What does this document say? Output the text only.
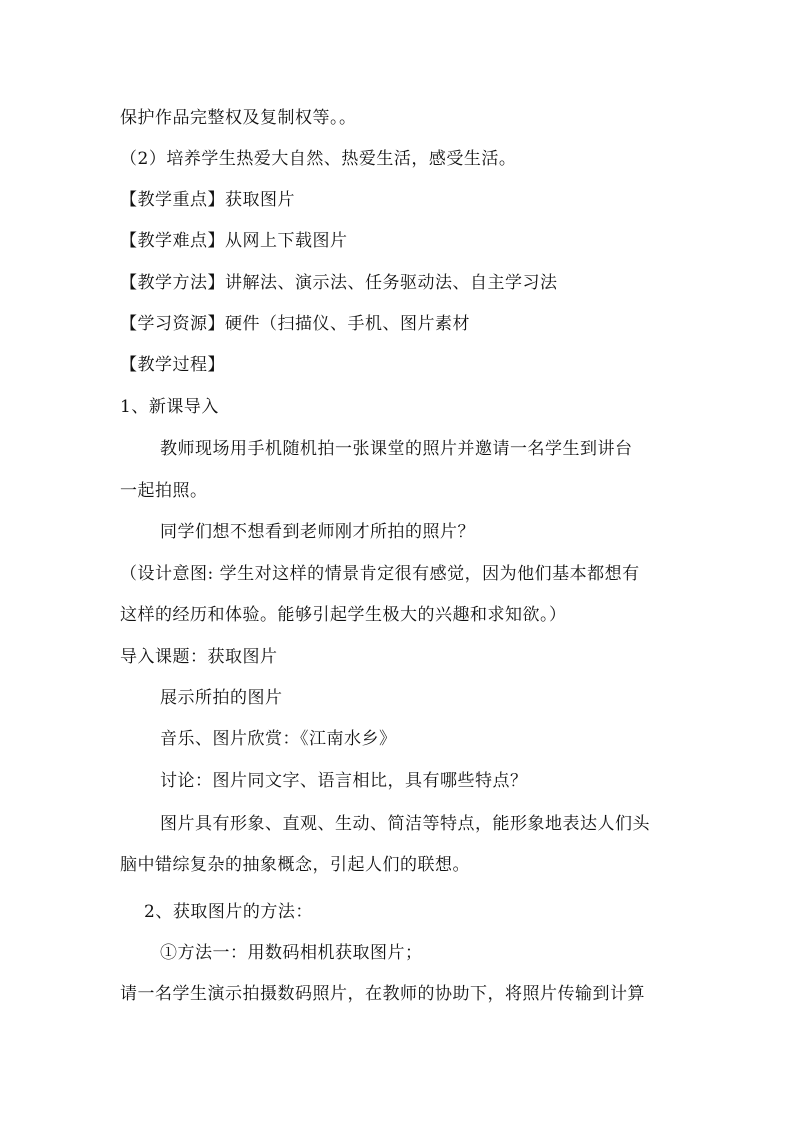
保护作品完整权及复制权等。。
（2）培养学生热爱大自然、热爱生活，感受生活。
【教学重点】获取图片
【教学难点】从网上下载图片
【教学方法】讲解法、演示法、任务驱动法、自主学习法
【学习资源】硬件（扫描仪、手机、图片素材
【教学过程】
1、新课导入
教师现场用手机随机拍一张课堂的照片并邀请一名学生到讲台
一起拍照。
同学们想不想看到老师刚才所拍的照片？
（设计意图: 学生对这样的情景肯定很有感觉，因为他们基本都想有
这样的经历和体验。能够引起学生极大的兴趣和求知欲。）
导入课题：获取图片
展示所拍的图片
音乐、图片欣赏：《江南水乡》
讨论：图片同文字、语言相比，具有哪些特点？
图片具有形象、直观、生动、简洁等特点，能形象地表达人们头
脑中错综复杂的抽象概念，引起人们的联想。
2、获取图片的方法：
①方法一：用数码相机获取图片；
请一名学生演示拍摄数码照片，在教师的协助下，将照片传输到计算
